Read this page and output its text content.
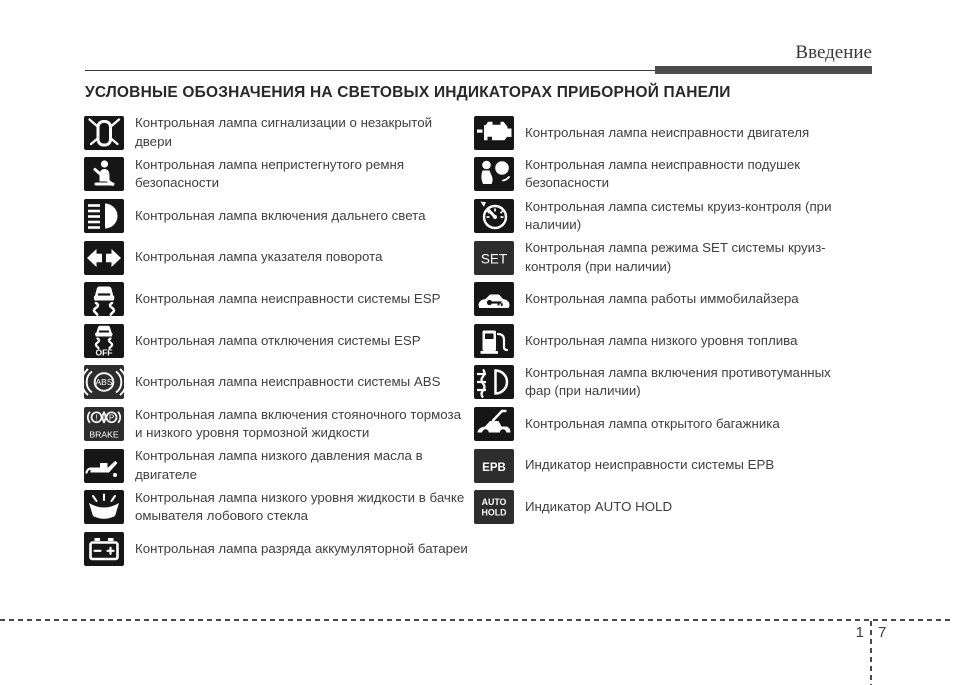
Введение
УСЛОВНЫЕ ОБОЗНАЧЕНИЯ НА СВЕТОВЫХ ИНДИКАТОРАХ ПРИБОРНОЙ ПАНЕЛИ
Контрольная лампа сигнализации о незакрытой двери
Контрольная лампа непристегнутого ремня безопасности
Контрольная лампа включения дальнего света
Контрольная лампа указателя поворота
Контрольная лампа неисправности системы ESP
Контрольная лампа отключения системы ESP
Контрольная лампа неисправности системы ABS
Контрольная лампа включения стояночного тормоза и низкого уровня тормозной жидкости
Контрольная лампа низкого давления масла в двигателе
Контрольная лампа низкого уровня жидкости в бачке омывателя лобового стекла
Контрольная лампа разряда аккумуляторной батареи
Контрольная лампа неисправности двигателя
Контрольная лампа неисправности подушек безопасности
Контрольная лампа системы круиз-контроля (при наличии)
Контрольная лампа режима SET системы круиз-контроля (при наличии)
Контрольная лампа работы иммобилайзера
Контрольная лампа низкого уровня топлива
Контрольная лампа включения противотуманных фар (при наличии)
Контрольная лампа открытого багажника
Индикатор неисправности системы EPB
Индикатор AUTO HOLD
1 7
